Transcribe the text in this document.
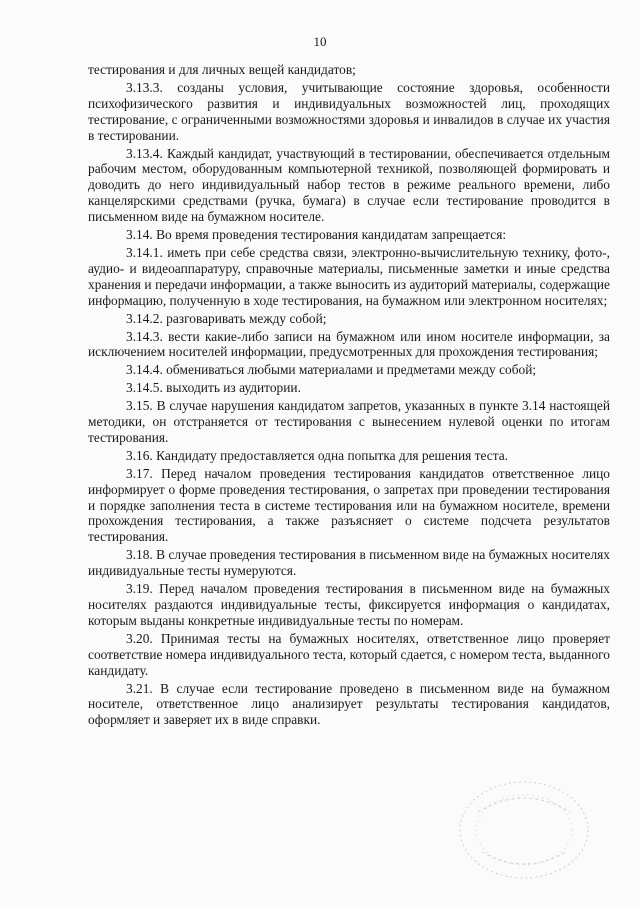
10

тестирования и для личных вещей кандидатов;

3.13.3. созданы условия, учитывающие состояние здоровья, особенности психофизического развития и индивидуальных возможностей лиц, проходящих тестирование, с ограниченными возможностями здоровья и инвалидов в случае их участия в тестировании.

3.13.4. Каждый кандидат, участвующий в тестировании, обеспечивается отдельным рабочим местом, оборудованным компьютерной техникой, позволяющей формировать и доводить до него индивидуальный набор тестов в режиме реального времени, либо канцелярскими средствами (ручка, бумага) в случае если тестирование проводится в письменном виде на бумажном носителе.

3.14. Во время проведения тестирования кандидатам запрещается:

3.14.1. иметь при себе средства связи, электронно-вычислительную технику, фото-, аудио- и видеоаппаратуру, справочные материалы, письменные заметки и иные средства хранения и передачи информации, а также выносить из аудиторий материалы, содержащие информацию, полученную в ходе тестирования, на бумажном или электронном носителях;

3.14.2. разговаривать между собой;

3.14.3. вести какие-либо записи на бумажном или ином носителе информации, за исключением носителей информации, предусмотренных для прохождения тестирования;

3.14.4. обмениваться любыми материалами и предметами между собой;

3.14.5. выходить из аудитории.

3.15. В случае нарушения кандидатом запретов, указанных в пункте 3.14 настоящей методики, он отстраняется от тестирования с вынесением нулевой оценки по итогам тестирования.

3.16. Кандидату предоставляется одна попытка для решения теста.

3.17. Перед началом проведения тестирования кандидатов ответственное лицо информирует о форме проведения тестирования, о запретах при проведении тестирования и порядке заполнения теста в системе тестирования или на бумажном носителе, времени прохождения тестирования, а также разъясняет о системе подсчета результатов тестирования.

3.18. В случае проведения тестирования в письменном виде на бумажных носителях индивидуальные тесты нумеруются.

3.19. Перед началом проведения тестирования в письменном виде на бумажных носителях раздаются индивидуальные тесты, фиксируется информация о кандидатах, которым выданы конкретные индивидуальные тесты по номерам.

3.20. Принимая тесты на бумажных носителях, ответственное лицо проверяет соответствие номера индивидуального теста, который сдается, с номером теста, выданного кандидату.

3.21. В случае если тестирование проведено в письменном виде на бумажном носителе, ответственное лицо анализирует результаты тестирования кандидатов, оформляет и заверяет их в виде справки.
